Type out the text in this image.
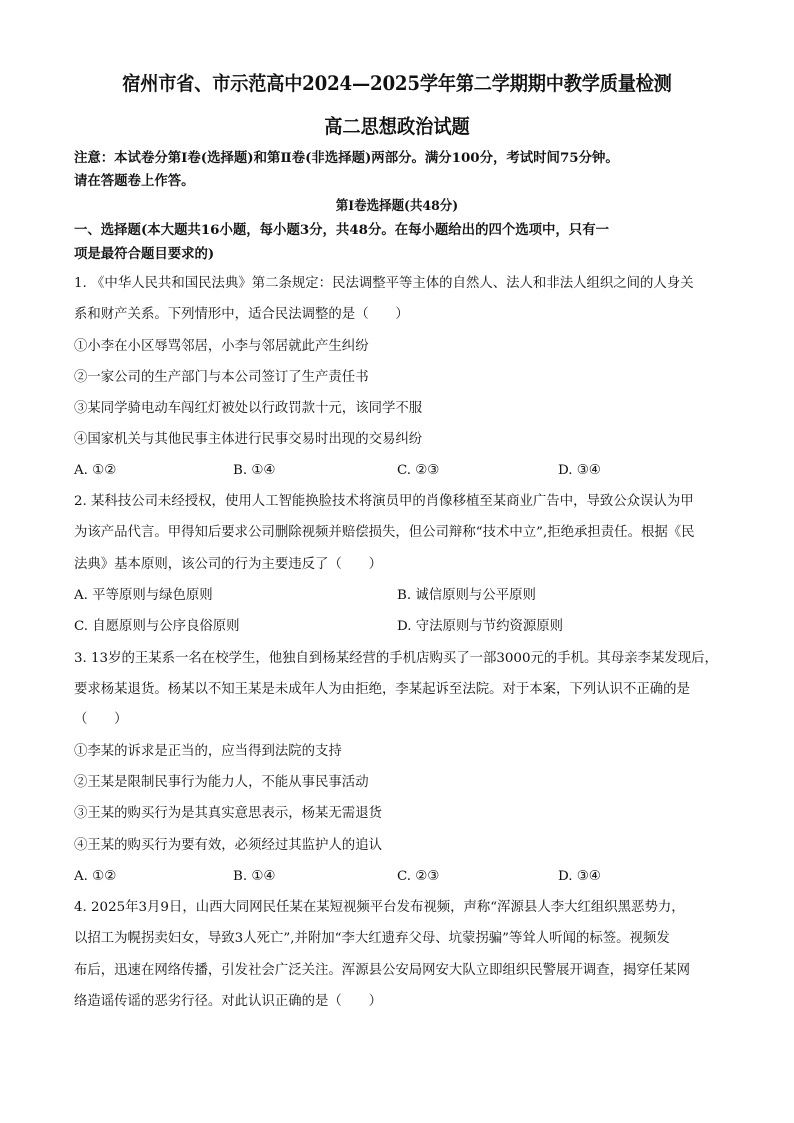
宿州市省、市示范高中2024—2025学年第二学期期中教学质量检测
高二思想政治试题
注意：本试卷分第Ⅰ卷(选择题)和第Ⅱ卷(非选择题)两部分。满分100分，考试时间75分钟。
请在答题卷上作答。
第Ⅰ卷选择题(共48分)
一、选择题(本大题共16小题，每小题3分，共48分。在每小题给出的四个选项中，只有一
项是最符合题目要求的)
1. 《中华人民共和国民法典》第二条规定：民法调整平等主体的自然人、法人和非法人组织之间的人身关
系和财产关系。下列情形中，适合民法调整的是（　　）
①小李在小区辱骂邻居，小李与邻居就此产生纠纷
②一家公司的生产部门与本公司签订了生产责任书
③某同学骑电动车闯红灯被处以行政罚款十元，该同学不服
④国家机关与其他民事主体进行民事交易时出现的交易纠纷
A. ①②	B. ①④	C. ②③	D. ③④
2. 某科技公司未经授权，使用人工智能换脸技术将演员甲的肖像移植至某商业广告中，导致公众误认为甲
为该产品代言。甲得知后要求公司删除视频并赔偿损失，但公司辩称“技术中立”,拒绝承担责任。根据《民
法典》基本原则，该公司的行为主要违反了（　　）
A. 平等原则与绿色原则	B. 诚信原则与公平原则
C. 自愿原则与公序良俗原则	D. 守法原则与节约资源原则
3. 13岁的王某系一名在校学生，他独自到杨某经营的手机店购买了一部3000元的手机。其母亲李某发现后，
要求杨某退货。杨某以不知王某是未成年人为由拒绝，李某起诉至法院。对于本案，下列认识不正确的是
（　　）
①李某的诉求是正当的，应当得到法院的支持
②王某是限制民事行为能力人，不能从事民事活动
③王某的购买行为是其真实意思表示，杨某无需退货
④王某的购买行为要有效，必须经过其监护人的追认
A. ①②	B. ①④	C. ②③	D. ③④
4. 2025年3月9日，山西大同网民任某在某短视频平台发布视频，声称“浑源县人李大红组织黑恶势力，
以招工为幌拐卖妇女，导致3人死亡”,并附加“李大红遗弃父母、坑蒙拐骗”等耸人听闻的标签。视频发
布后，迅速在网络传播，引发社会广泛关注。浑源县公安局网安大队立即组织民警展开调查，揭穿任某网
络造谣传谣的恶劣行径。对此认识正确的是（　　）
